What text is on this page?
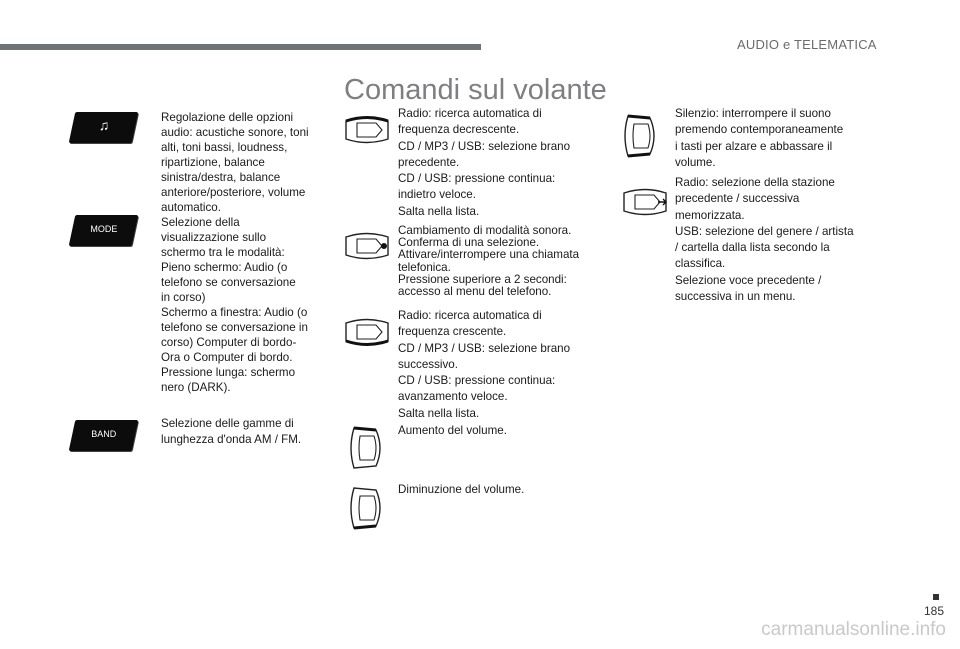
AUDIO e TELEMATICA
Comandi sul volante
♫	Regolazione delle opzioni
audio: acustiche sonore, toni
alti, toni bassi, loudness,
ripartizione, balance
sinistra/destra, balance
anteriore/posteriore, volume
automatico.
MODE	Selezione della
visualizzazione sullo
schermo tra le modalità:
Pieno schermo: Audio (o
telefono se conversazione
in corso)
Schermo a finestra: Audio (o
telefono se conversazione in
corso) Computer di bordo-
Ora o Computer di bordo.
Pressione lunga: schermo
nero (DARK).
BAND
Selezione delle gamme di
lunghezza d'onda AM / FM.
Radio: ricerca automatica di
frequenza decrescente.
CD / MP3 / USB: selezione brano
precedente.
CD / USB: pressione continua:
indietro veloce.
Salta nella lista.
Cambiamento di modalità sonora.
Conferma di una selezione.
Attivare/interrompere una chiamata
telefonica.
Pressione superiore a 2 secondi:
accesso al menu del telefono.
Radio: ricerca automatica di
frequenza crescente.
CD / MP3 / USB: selezione brano
successivo.
CD / USB: pressione continua:
avanzamento veloce.
Salta nella lista.
Aumento del volume.
Diminuzione del volume.
Silenzio: interrompere il suono
premendo contemporaneamente
i tasti per alzare e abbassare il
volume.
Radio: selezione della stazione
precedente / successiva
memorizzata.
USB: selezione del genere / artista
/ cartella dalla lista secondo la
classifica.
Selezione voce precedente /
successiva in un menu.
185
carmanualsonline.info
